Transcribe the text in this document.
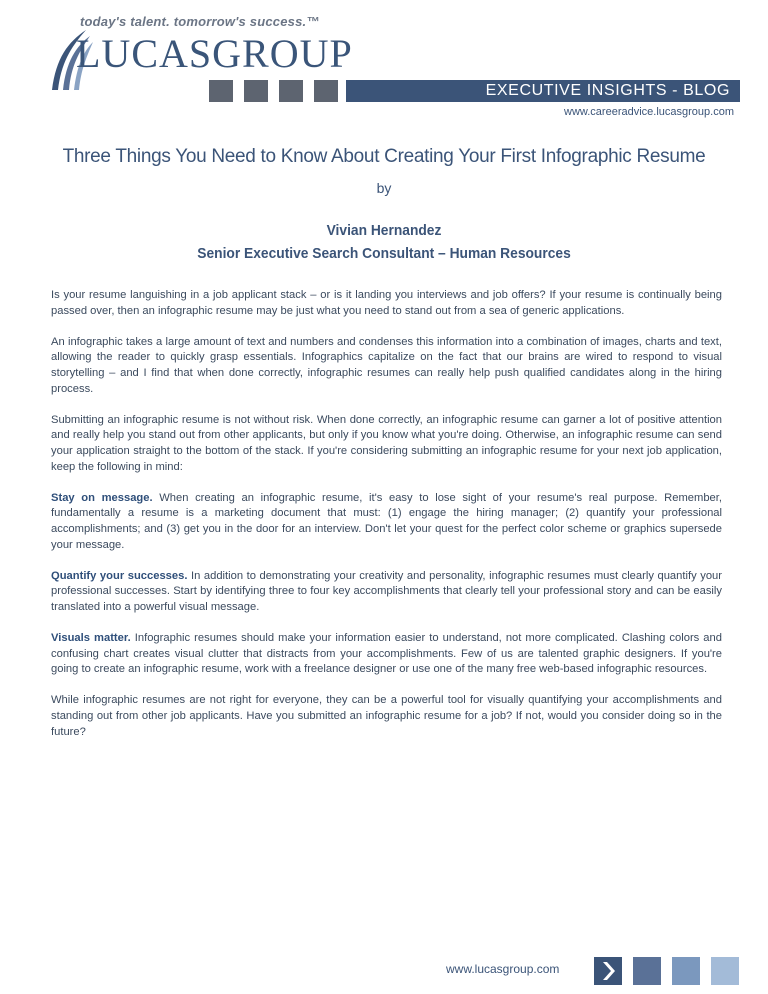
today's talent. tomorrow's success.™
LUCASGROUP
EXECUTIVE INSIGHTS - BLOG
www.careeradvice.lucasgroup.com
Three Things You Need to Know About Creating Your First Infographic Resume
by
Vivian Hernandez
Senior Executive Search Consultant – Human Resources

Is your resume languishing in a job applicant stack – or is it landing you interviews and job offers? If your resume is continually being passed over, then an infographic resume may be just what you need to stand out from a sea of generic applications.

An infographic takes a large amount of text and numbers and condenses this information into a combination of images, charts and text, allowing the reader to quickly grasp essentials. Infographics capitalize on the fact that our brains are wired to respond to visual storytelling – and I find that when done correctly, infographic resumes can really help push qualified candidates along in the hiring process.

Submitting an infographic resume is not without risk. When done correctly, an infographic resume can garner a lot of positive attention and really help you stand out from other applicants, but only if you know what you're doing. Otherwise, an infographic resume can send your application straight to the bottom of the stack. If you're considering submitting an infographic resume for your next job application, keep the following in mind:

Stay on message. When creating an infographic resume, it's easy to lose sight of your resume's real purpose. Remember, fundamentally a resume is a marketing document that must: (1) engage the hiring manager; (2) quantify your professional accomplishments; and (3) get you in the door for an interview. Don't let your quest for the perfect color scheme or graphics supersede your message.

Quantify your successes. In addition to demonstrating your creativity and personality, infographic resumes must clearly quantify your professional successes. Start by identifying three to four key accomplishments that clearly tell your professional story and can be easily translated into a powerful visual message.

Visuals matter. Infographic resumes should make your information easier to understand, not more complicated. Clashing colors and confusing chart creates visual clutter that distracts from your accomplishments. Few of us are talented graphic designers. If you're going to create an infographic resume, work with a freelance designer or use one of the many free web-based infographic resources.

While infographic resumes are not right for everyone, they can be a powerful tool for visually quantifying your accomplishments and standing out from other job applicants. Have you submitted an infographic resume for a job? If not, would you consider doing so in the future?

www.lucasgroup.com
